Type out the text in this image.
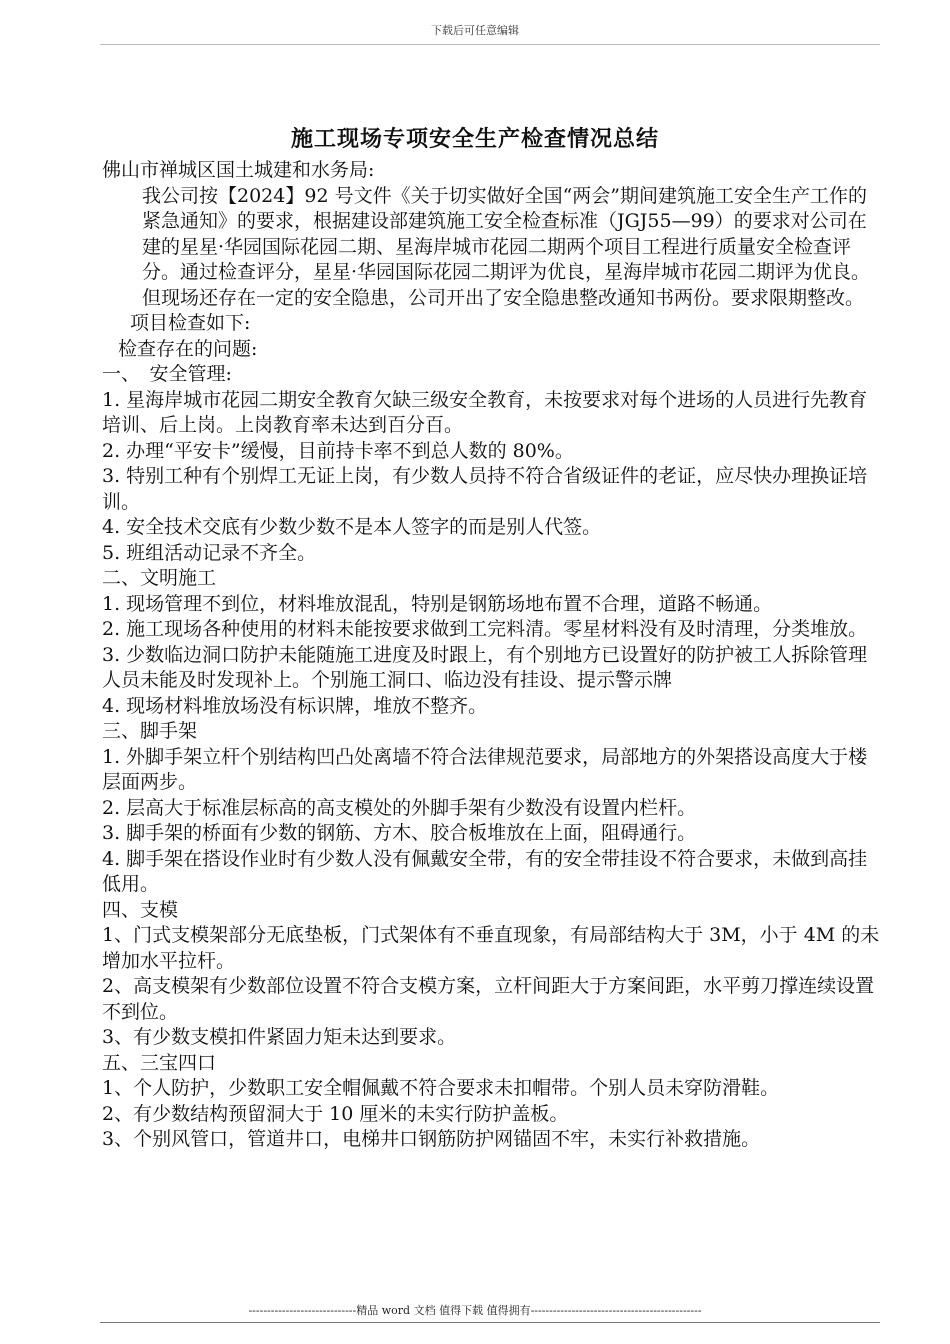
下载后可任意编辑
施工现场专项安全生产检查情况总结
佛山市禅城区国土城建和水务局:
我公司按【2024】92 号文件《关于切实做好全国“两会”期间建筑施工安全生产工作的紧急通知》的要求，根据建设部建筑施工安全检查标准（JGJ55—99）的要求对公司在建的星星·华园国际花园二期、星海岸城市花园二期两个项目工程进行质量安全检查评分。通过检查评分，星星·华园国际花园二期评为优良，星海岸城市花园二期评为优良。但现场还存在一定的安全隐患，公司开出了安全隐患整改通知书两份。要求限期整改。
项目检查如下:
检查存在的问题:
一、　安全管理:
1. 星海岸城市花园二期安全教育欠缺三级安全教育，未按要求对每个进场的人员进行先教育培训、后上岗。上岗教育率未达到百分百。
2. 办理“平安卡”缓慢，目前持卡率不到总人数的 80%。
3. 特别工种有个别焊工无证上岗，有少数人员持不符合省级证件的老证，应尽快办理换证培训。
4. 安全技术交底有少数少数不是本人签字的而是别人代签。
5. 班组活动记录不齐全。
二、文明施工
1. 现场管理不到位，材料堆放混乱，特别是钢筋场地布置不合理，道路不畅通。
2. 施工现场各种使用的材料未能按要求做到工完料清。零星材料没有及时清理，分类堆放。
3. 少数临边洞口防护未能随施工进度及时跟上，有个别地方已设置好的防护被工人拆除管理人员未能及时发现补上。个别施工洞口、临边没有挂设、提示警示牌
4. 现场材料堆放场没有标识牌，堆放不整齐。
三、脚手架
1. 外脚手架立杆个别结构凹凸处离墙不符合法律规范要求，局部地方的外架搭设高度大于楼层面两步。
2. 层高大于标准层标高的高支模处的外脚手架有少数没有设置内栏杆。
3. 脚手架的桥面有少数的钢筋、方木、胶合板堆放在上面，阻碍通行。
4. 脚手架在搭设作业时有少数人没有佩戴安全带，有的安全带挂设不符合要求，未做到高挂低用。
四、支模
1、门式支模架部分无底垫板，门式架体有不垂直现象，有局部结构大于 3M，小于 4M 的未增加水平拉杆。
2、高支模架有少数部位设置不符合支模方案，立杆间距大于方案间距，水平剪刀撑连续设置不到位。
3、有少数支模扣件紧固力矩未达到要求。
五、三宝四口
1、个人防护，少数职工安全帽佩戴不符合要求未扣帽带。个别人员未穿防滑鞋。
2、有少数结构预留洞大于 10 厘米的未实行防护盖板。
3、个别风管口，管道井口，电梯井口钢筋防护网锚固不牢，未实行补救措施。
-----------------------------精品 word 文档 值得下载 值得拥有----------------------------------------------
